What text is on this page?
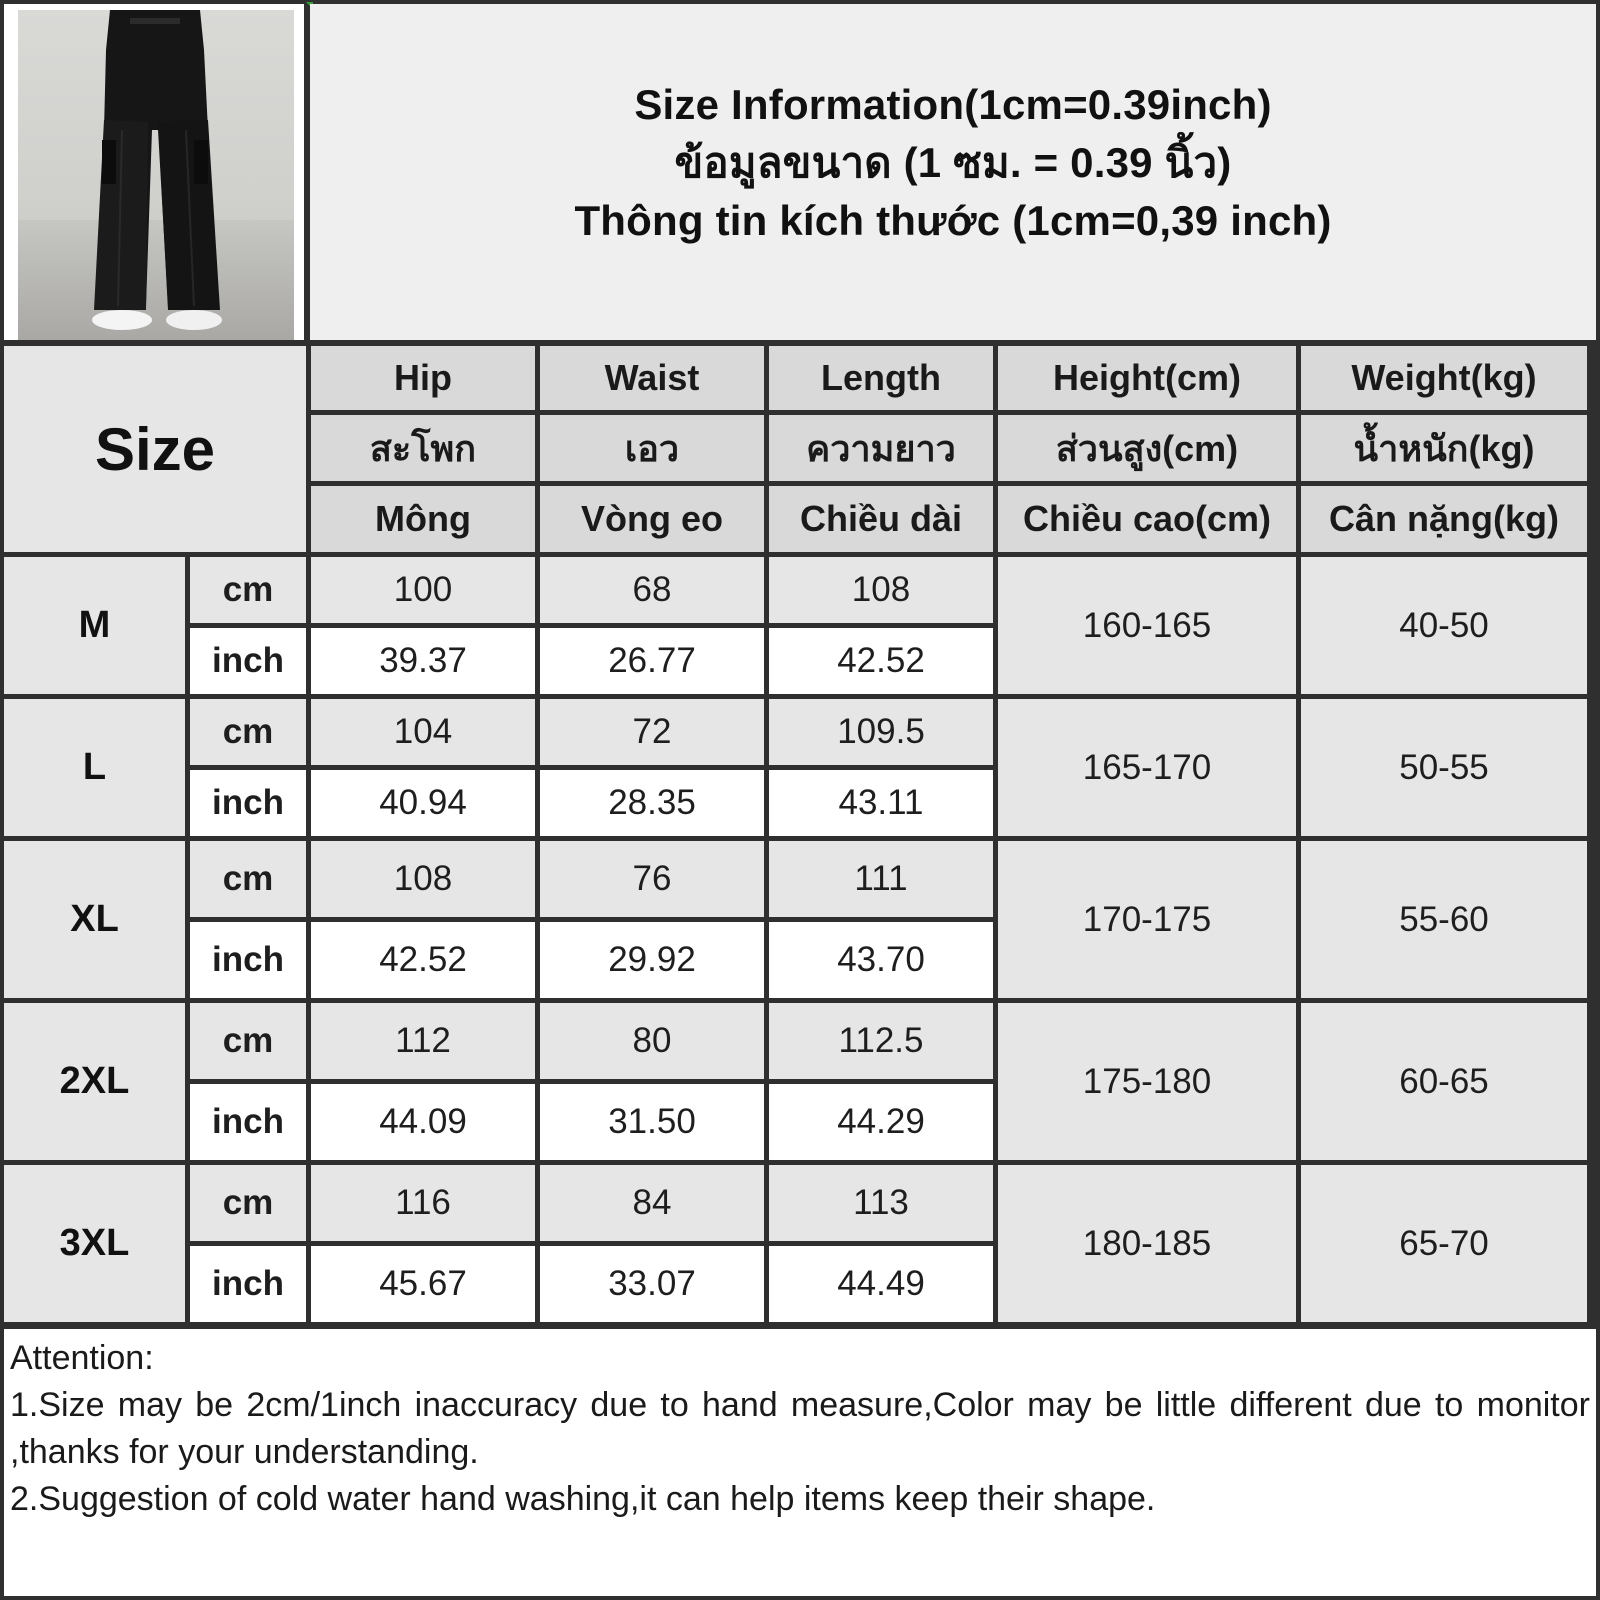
Size Information(1cm=0.39inch)
ข้อมูลขนาด (1 ซม. = 0.39 นิ้ว)
Thông tin kích thước (1cm=0,39 inch)
Size
Hip	Waist	Length	Height(cm)	Weight(kg)
สะโพก	เอว	ความยาว	ส่วนสูง(cm)	น้ำหนัก(kg)
Mông	Vòng eo	Chiều dài	Chiều cao(cm)	Cân nặng(kg)
M
cm	100	68	108
inch	39.37	26.77	42.52
160-165	40-50
L
cm	104	72	109.5
inch	40.94	28.35	43.11
165-170	50-55
XL
cm	108	76	111
inch	42.52	29.92	43.70
170-175	55-60
2XL
cm	112	80	112.5
inch	44.09	31.50	44.29
175-180	60-65
3XL
cm	116	84	113
inch	45.67	33.07	44.49
180-185	65-70

Attention:

1.Size may be 2cm/1inch inaccuracy due to hand measure,Color may be little different due to monitor ,thanks for your understanding.

2.Suggestion of cold water hand washing,it can help items keep their shape.
